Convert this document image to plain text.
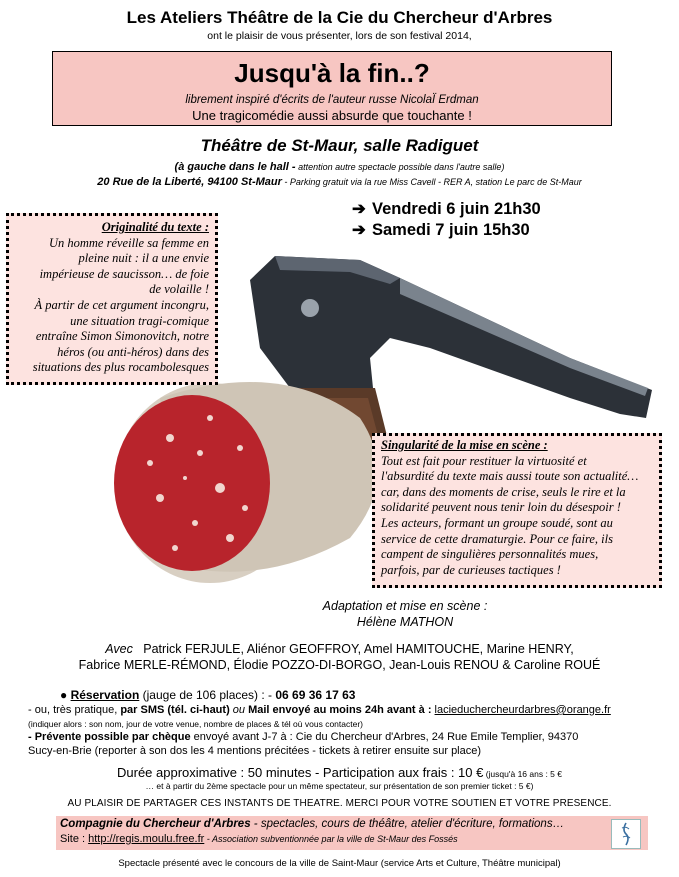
Les Ateliers Théâtre de la Cie du Chercheur d'Arbres
ont le plaisir de vous présenter, lors de son festival 2014,
Jusqu'à la fin..?
librement inspiré d'écrits de l'auteur russe NicolaÏ Erdman
Une tragicomédie aussi absurde que touchante !
Théâtre de St-Maur, salle Radiguet
(à gauche dans le hall - attention autre spectacle possible dans l'autre salle)
20 Rue de la Liberté, 94100 St-Maur - Parking gratuit via la rue Miss Cavell - RER A, station Le parc de St-Maur
➔ Vendredi 6 juin 21h30
➔ Samedi 7 juin 15h30
Originalité du texte :
Un homme réveille sa femme en
pleine nuit : il a une envie
impérieuse de saucisson… de foie
de volaille !
À partir de cet argument incongru,
une situation tragi-comique
entraîne Simon Simonovitch, notre
héros (ou anti-héros) dans des
situations des plus rocambolesques
Singularité de la mise en scène :
Tout est fait pour restituer la virtuosité et
l'absurdité du texte mais aussi toute son actualité…
car, dans des moments de crise, seuls le rire et la
solidarité peuvent nous tenir loin du désespoir !
Les acteurs, formant un groupe soudé, sont au
service de cette dramaturgie. Pour ce faire, ils
campent de singulières personnalités mues,
parfois, par de curieuses tactiques !
Adaptation et mise en scène :
Hélène MATHON
Avec Patrick FERJULE, Aliénor GEOFFROY, Amel HAMITOUCHE, Marine HENRY,
Fabrice MERLE-RÉMOND, Élodie POZZO-DI-BORGO, Jean-Louis RENOU & Caroline ROUÉ
● Réservation (jauge de 106 places) : - 06 69 36 17 63
- ou, très pratique, par SMS (tél. ci-haut) ou Mail envoyé au moins 24h avant à : lacieduchercheurdarbres@orange.fr
(indiquer alors : son nom, jour de votre venue, nombre de places & tél où vous contacter)
- Prévente possible par chèque envoyé avant J-7 à : Cie du Chercheur d'Arbres, 24 Rue Emile Templier, 94370
Sucy-en-Brie (reporter à son dos les 4 mentions précitées - tickets à retirer ensuite sur place)
Durée approximative : 50 minutes - Participation aux frais : 10 € (jusqu'à 16 ans : 5 €
… et à partir du 2ème spectacle pour un même spectateur, sur présentation de son premier ticket : 5 €)
AU PLAISIR DE PARTAGER CES INSTANTS DE THEATRE. MERCI POUR VOTRE SOUTIEN ET VOTRE PRESENCE.
Compagnie du Chercheur d'Arbres - spectacles, cours de théâtre, atelier d'écriture, formations…
Site : http://regis.moulu.free.fr - Association subventionnée par la ville de St-Maur des Fossés
Spectacle présenté avec le concours de la ville de Saint-Maur (service Arts et Culture, Théâtre municipal)
